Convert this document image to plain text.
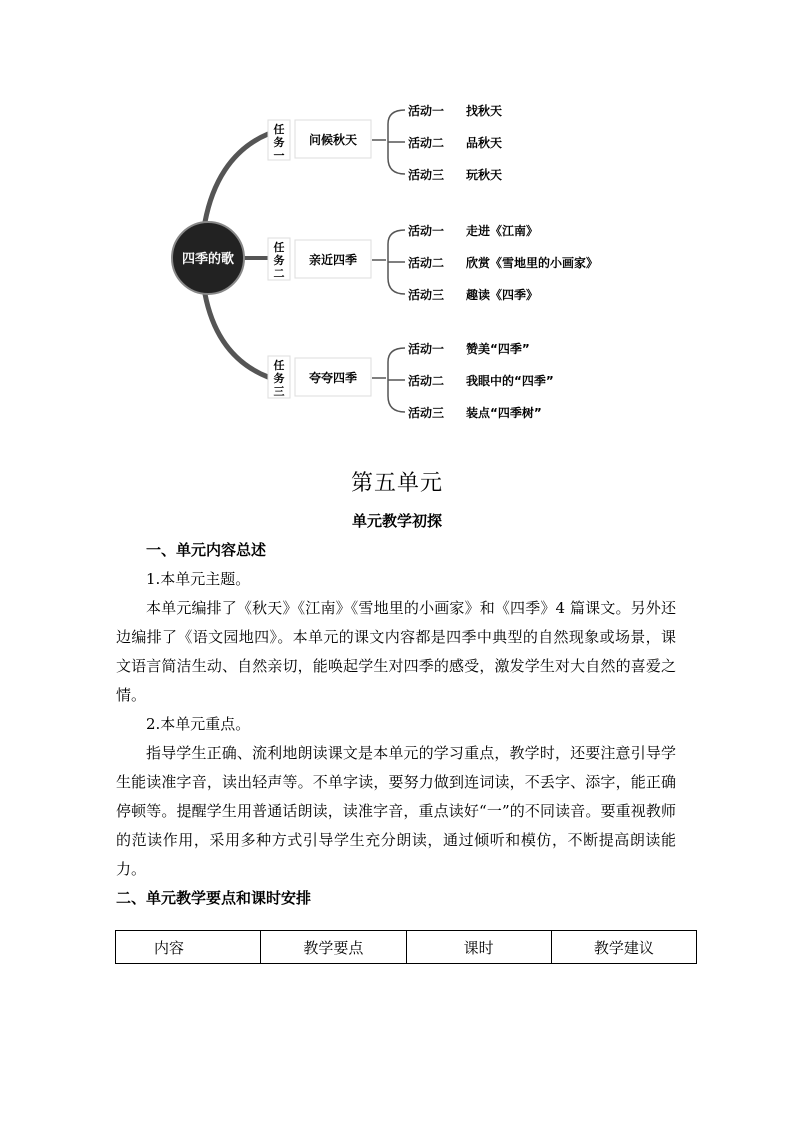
四季的歌
任
务
一
问候秋天
活动一 找秋天
活动二 品秋天
活动三 玩秋天
任
务
二
亲近四季
活动一 走进《江南》
活动二 欣赏《雪地里的小画家》
活动三 趣读《四季》
任
务
三
夸夸四季
活动一 赞美“四季”
活动二 我眼中的“四季”
活动三 装点“四季树”
第五单元
单元教学初探

一、单元内容总述

1.本单元主题。

本单元编排了《秋天》《江南》《雪地里的小画家》和《四季》4 篇课文。另外还边编排了《语文园地四》。本单元的课文内容都是四季中典型的自然现象或场景，课文语言简洁生动、自然亲切，能唤起学生对四季的感受，激发学生对大自然的喜爱之情。

2.本单元重点。

指导学生正确、流利地朗读课文是本单元的学习重点，教学时，还要注意引导学生能读准字音，读出轻声等。不单字读，要努力做到连词读，不丢字、添字，能正确停顿等。提醒学生用普通话朗读，读准字音，重点读好“一”的不同读音。要重视教师的范读作用，采用多种方式引导学生充分朗读，通过倾听和模仿，不断提高朗读能力。

二、单元教学要点和课时安排

内容	教学要点	课时	教学建议
